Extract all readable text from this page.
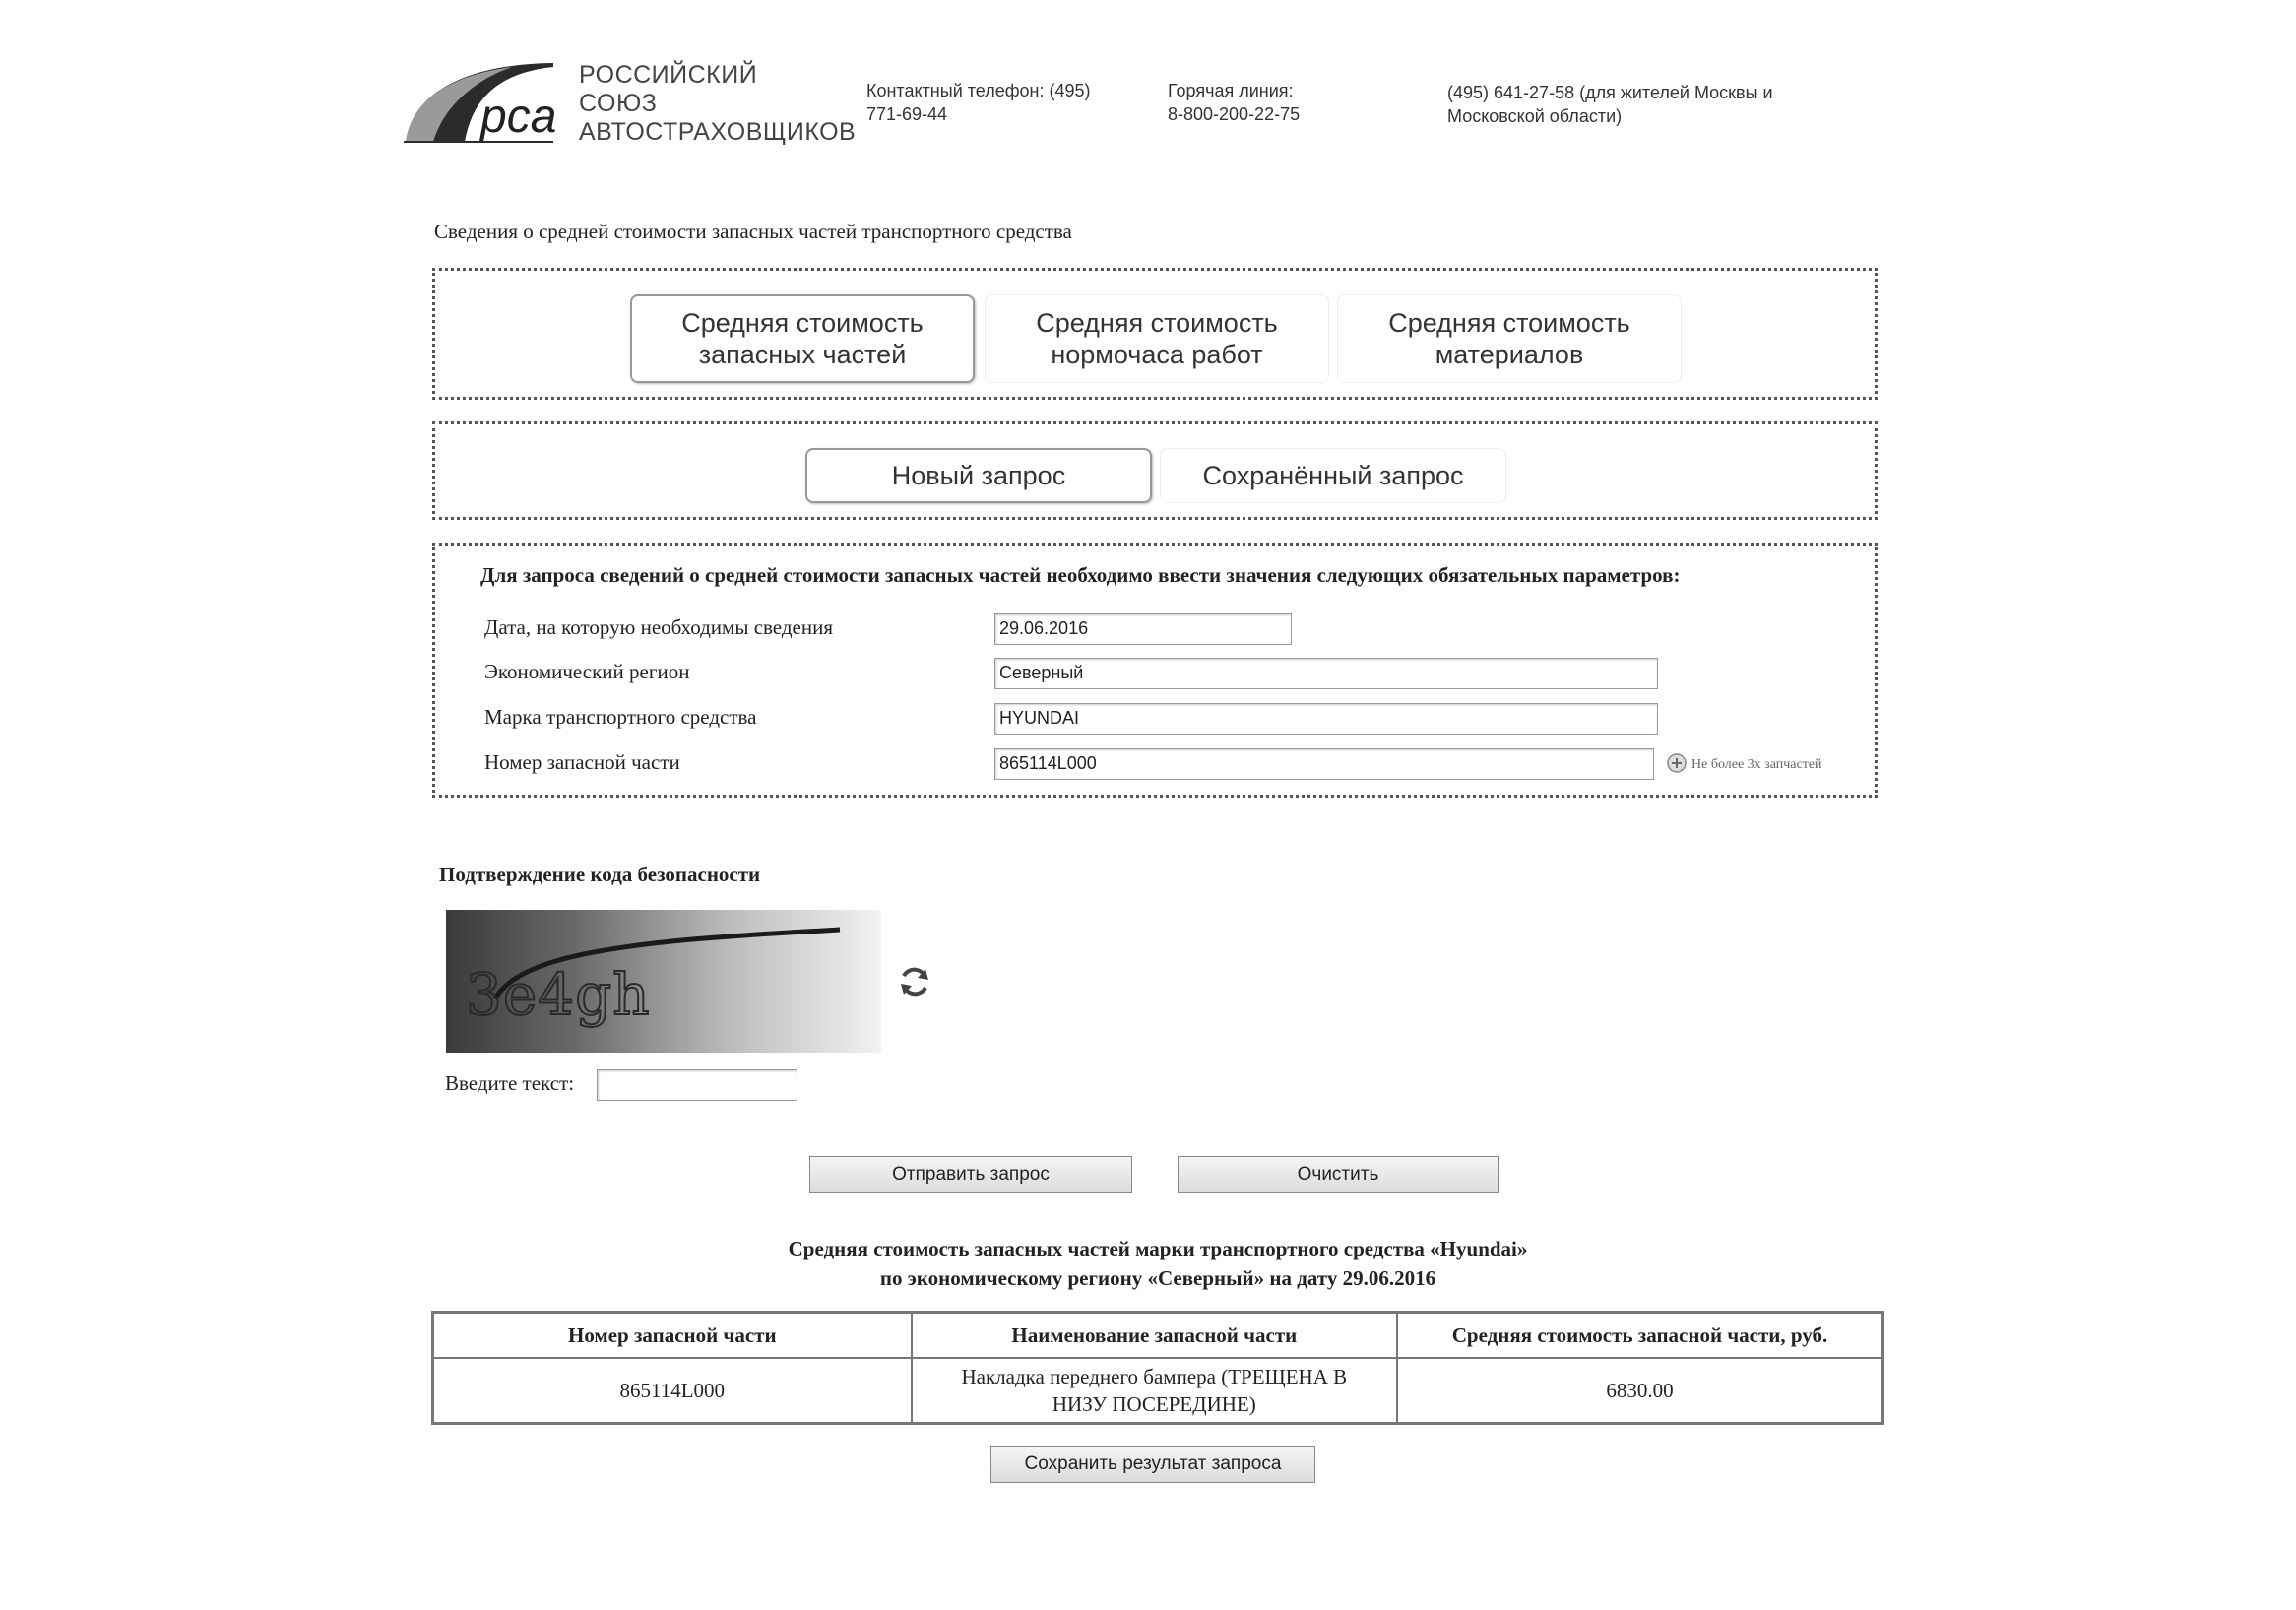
рса
РОССИЙСКИЙ
СОЮЗ
АВТОСТРАХОВЩИКОВ
Контактный телефон: (495)
771-69-44
Горячая линия:
8-800-200-22-75
(495) 641-27-58 (для жителей Москвы и
Московской области)
Сведения о средней стоимости запасных частей транспортного средства
Средняя стоимость
запасных частей
Средняя стоимость
нормочаса работ
Средняя стоимость
материалов
Новый запрос	Сохранённый запрос
Для запроса сведений о средней стоимости запасных частей необходимо ввести значения следующих обязательных параметров:
Дата, на которую необходимы сведения	29.06.2016
Экономический регион	Северный
Марка транспортного средства	HYUNDAI
Номер запасной части	865114L000	Не более 3х запчастей
Подтверждение кода безопасности
3e4gh
Введите текст:
Отправить запрос	Очистить
Средняя стоимость запасных частей марки транспортного средства «Hyundai»
по экономическому региону «Северный» на дату 29.06.2016
Номер запасной части	Наименование запасной части	Средняя стоимость запасной части, руб.
865114L000	Накладка переднего бампера (ТРЕЩЕНА В
НИЗУ ПОСЕРЕДИНЕ)	6830.00
Сохранить результат запроса
